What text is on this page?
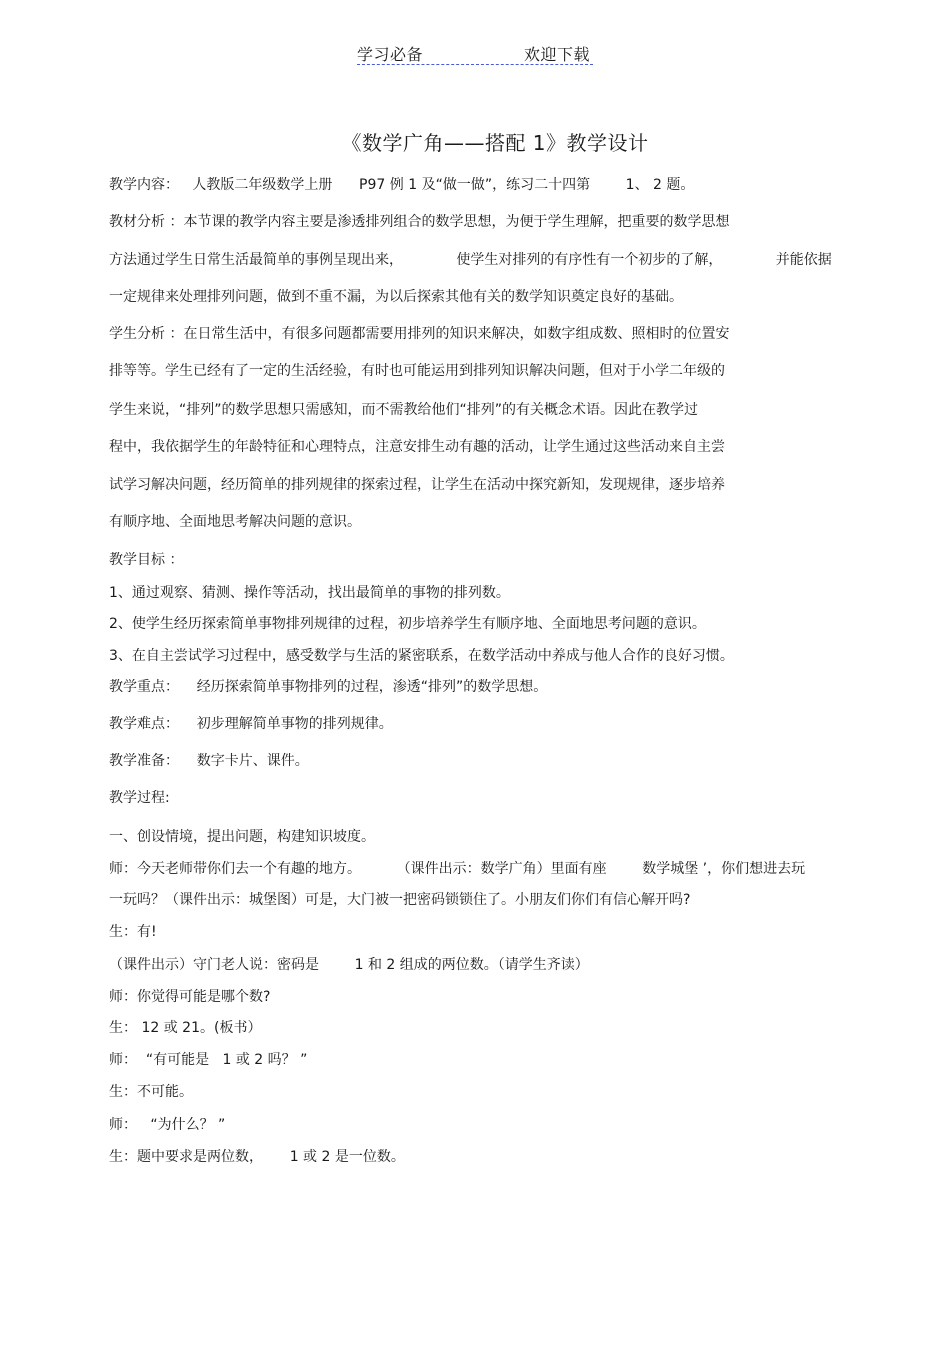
学习必备	欢迎下载
《数学广角——搭配 1》教学设计
教学内容：   人教版二年级数学上册      P97 例 1 及“做一做”，练习二十四第        1、 2 题。
教材分析 ：本节课的教学内容主要是渗透排列组合的数学思想，为便于学生理解，把重要的数学思想
方法通过学生日常生活最简单的事例呈现出来，            使学生对排列的有序性有一个初步的了解，            并能依据
一定规律来处理排列问题，做到不重不漏，为以后探索其他有关的数学知识奠定良好的基础。
学生分析 ：在日常生活中，有很多问题都需要用排列的知识来解决，如数字组成数、照相时的位置安
排等等。学生已经有了一定的生活经验，有时也可能运用到排列知识解决问题，但对于小学二年级的
学生来说，“排列”的数学思想只需感知，而不需教给他们“排列”的有关概念术语。因此在教学过
程中，我依据学生的年龄特征和心理特点，注意安排生动有趣的活动，让学生通过这些活动来自主尝
试学习解决问题，经历简单的排列规律的探索过程，让学生在活动中探究新知，发现规律，逐步培养
有顺序地、全面地思考解决问题的意识。
教学目标 ：
1、通过观察、猜测、操作等活动，找出最简单的事物的排列数。
2、使学生经历探索简单事物排列规律的过程，初步培养学生有顺序地、全面地思考问题的意识。
3、在自主尝试学习过程中，感受数学与生活的紧密联系，在数学活动中养成与他人合作的良好习惯。
教学重点：    经历探索简单事物排列的过程，渗透“排列”的数学思想。
教学难点：    初步理解简单事物的排列规律。
教学准备：    数字卡片、课件。
教学过程:
一、创设情境，提出问题，构建知识坡度。
师：今天老师带你们去一个有趣的地方。        （课件出示：数学广角）里面有座        数学城堡 ’，你们想进去玩
一玩吗？（课件出示：城堡图）可是，大门被一把密码锁锁住了。小朋友们你们有信心解开吗?
生：有!
（课件出示）守门老人说：密码是        1 和 2 组成的两位数。（请学生齐读）
师：你觉得可能是哪个数?
生： 12 或 21。(板书）
师：  “有可能是   1 或 2 吗？ ”
生：不可能。
师：   “为什么？ ”
生：题中要求是两位数，      1 或 2 是一位数。
